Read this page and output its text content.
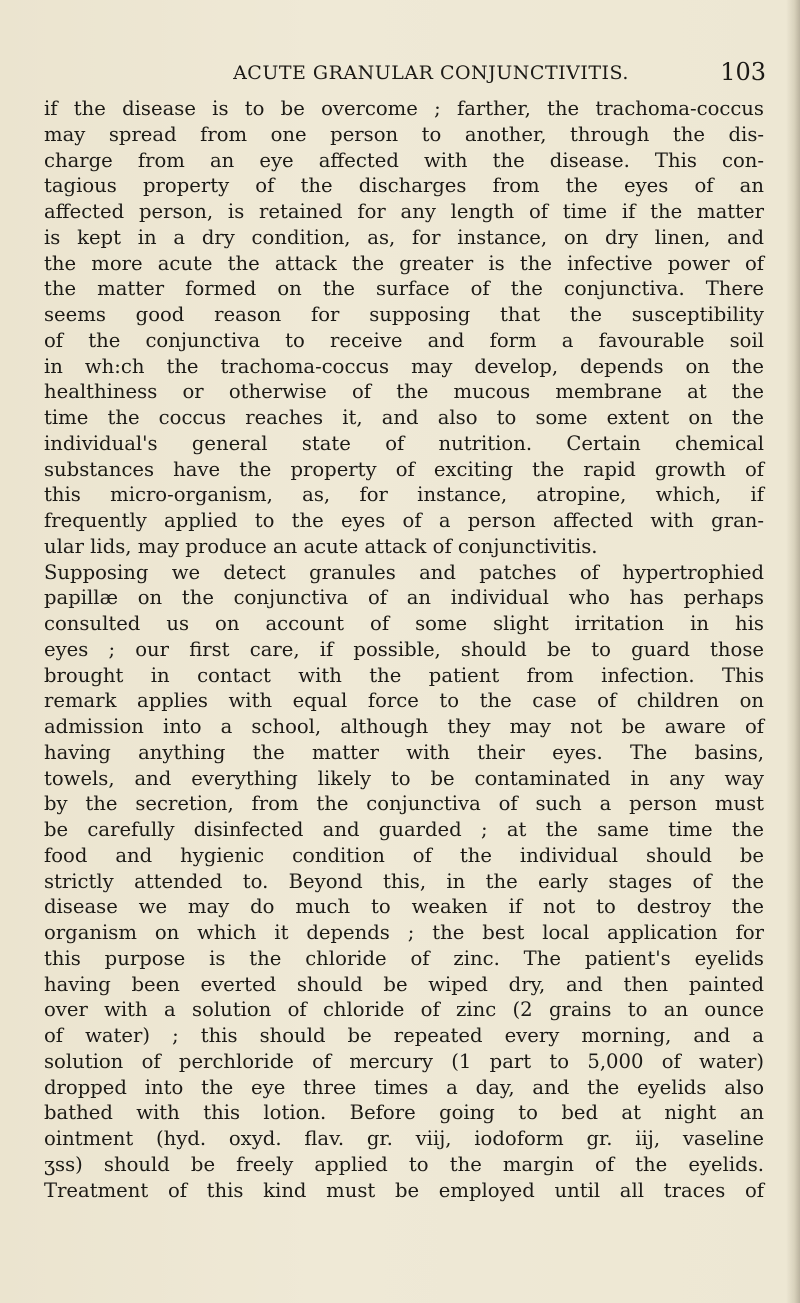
ACUTE GRANULAR CONJUNCTIVITIS.	103
if the disease is to be overcome ; farther, the trachoma-coccus
may spread from one person to another, through the dis-
charge from an eye affected with the disease. This con-
tagious property of the discharges from the eyes of an
affected person, is retained for any length of time if the matter
is kept in a dry condition, as, for instance, on dry linen, and
the more acute the attack the greater is the infective power of
the matter formed on the surface of the conjunctiva. There
seems good reason for supposing that the susceptibility
of the conjunctiva to receive and form a favourable soil
in wh:ch the trachoma-coccus may develop, depends on the
healthiness or otherwise of the mucous membrane at the
time the coccus reaches it, and also to some extent on the
individual's general state of nutrition. Certain chemical
substances have the property of exciting the rapid growth of
this micro-organism, as, for instance, atropine, which, if
frequently applied to the eyes of a person affected with gran-
ular lids, may produce an acute attack of conjunctivitis.
Supposing we detect granules and patches of hypertrophied
papillæ on the conjunctiva of an individual who has perhaps
consulted us on account of some slight irritation in his
eyes ; our first care, if possible, should be to guard those
brought in contact with the patient from infection. This
remark applies with equal force to the case of children on
admission into a school, although they may not be aware of
having anything the matter with their eyes. The basins,
towels, and everything likely to be contaminated in any way
by the secretion, from the conjunctiva of such a person must
be carefully disinfected and guarded ; at the same time the
food and hygienic condition of the individual should be
strictly attended to. Beyond this, in the early stages of the
disease we may do much to weaken if not to destroy the
organism on which it depends ; the best local application for
this purpose is the chloride of zinc. The patient's eyelids
having been everted should be wiped dry, and then painted
over with a solution of chloride of zinc (2 grains to an ounce
of water) ; this should be repeated every morning, and a
solution of perchloride of mercury (1 part to 5,000 of water)
dropped into the eye three times a day, and the eyelids also
bathed with this lotion. Before going to bed at night an
ointment (hyd. oxyd. flav. gr. viij, iodoform gr. iij, vaseline
ʒss) should be freely applied to the margin of the eyelids.
Treatment of this kind must be employed until all traces of
